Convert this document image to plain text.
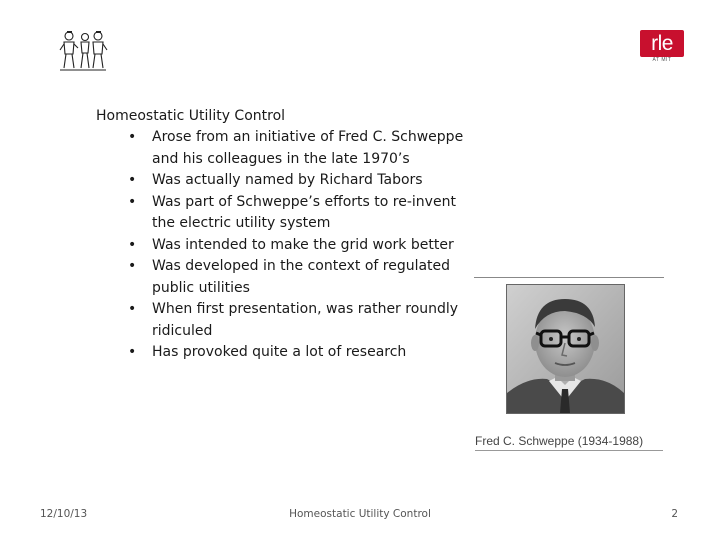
rle
AT MIT
Homeostatic Utility Control
• Arose from an initiative of Fred C. Schweppe and his colleagues in the late 1970’s
• Was actually named by Richard Tabors
• Was part of Schweppe’s efforts to re-invent the electric utility system
• Was intended to make the grid work better
• Was developed in the context of regulated public utilities
• When first presentation, was rather roundly ridiculed
• Has provoked quite a lot of research
Fred C. Schweppe (1934-1988)
12/10/13	Homeostatic Utility Control	2
